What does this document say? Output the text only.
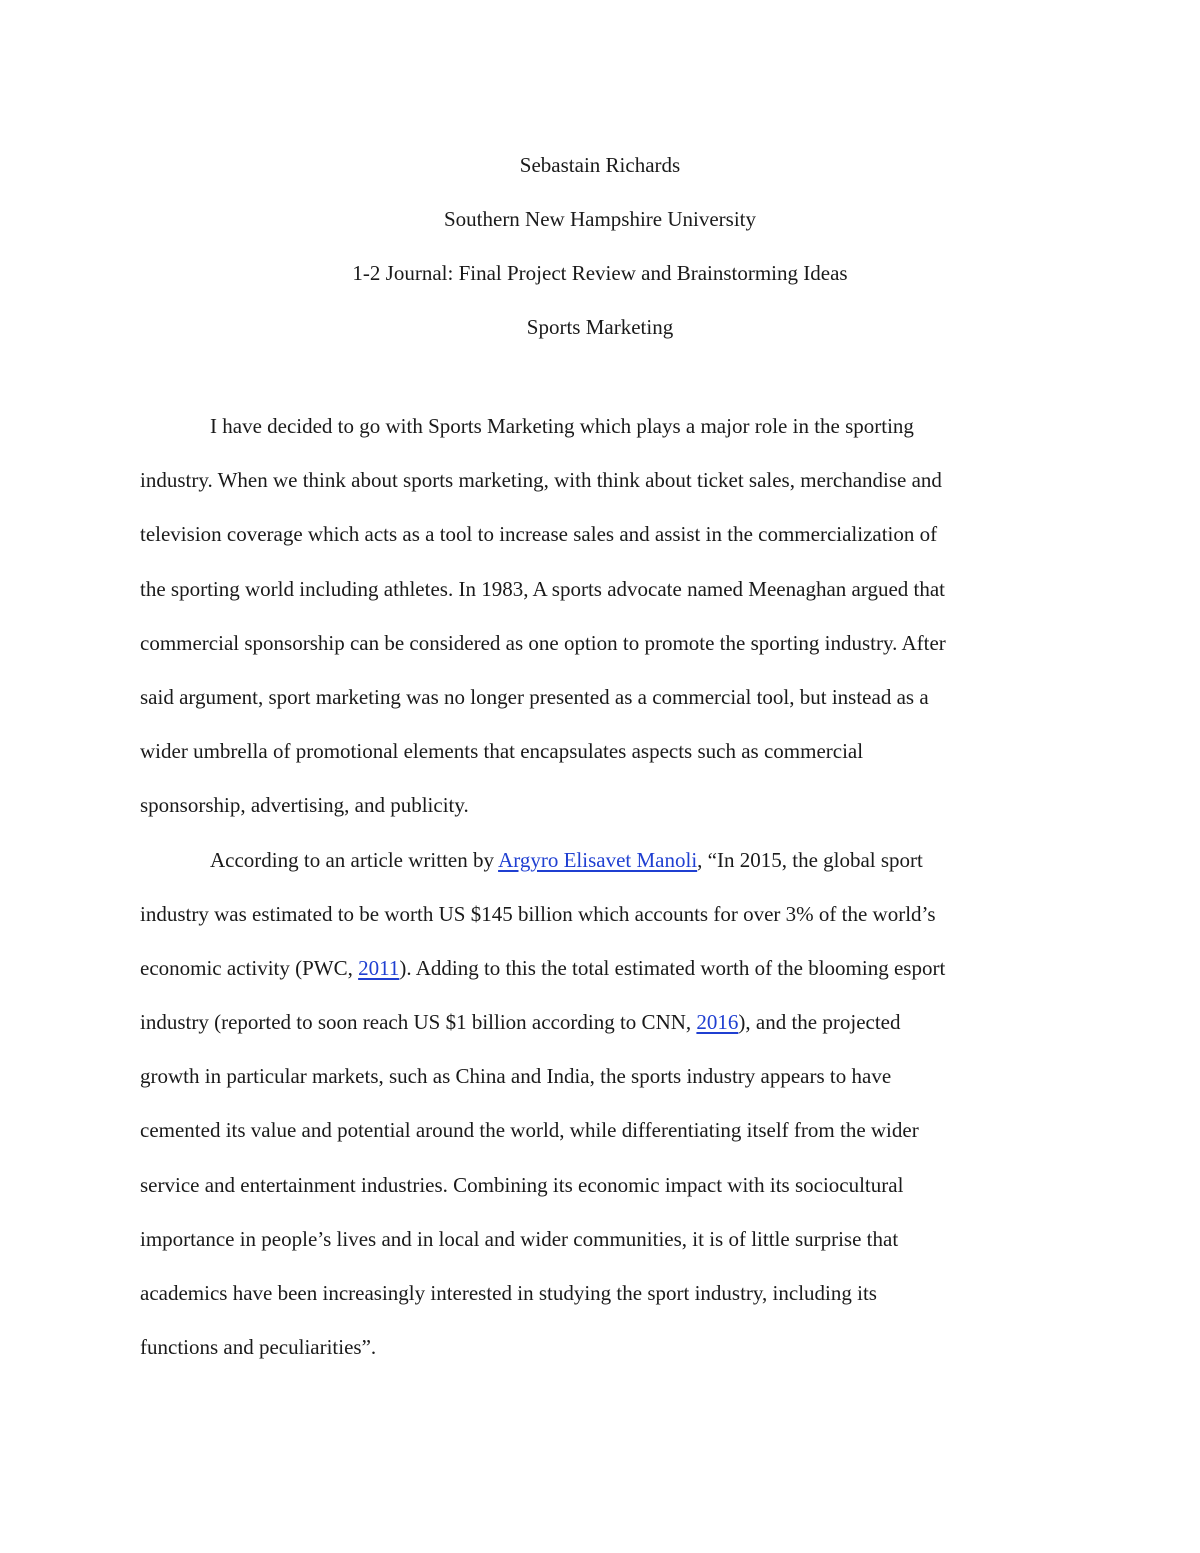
Sebastain Richards
Southern New Hampshire University
1-2 Journal: Final Project Review and Brainstorming Ideas
Sports Marketing
I have decided to go with Sports Marketing which plays a major role in the sporting
industry. When we think about sports marketing, with think about ticket sales, merchandise and
television coverage which acts as a tool to increase sales and assist in the commercialization of
the sporting world including athletes. In 1983, A sports advocate named Meenaghan argued that
commercial sponsorship can be considered as one option to promote the sporting industry. After
said argument, sport marketing was no longer presented as a commercial tool, but instead as a
wider umbrella of promotional elements that encapsulates aspects such as commercial
sponsorship, advertising, and publicity.
According to an article written by Argyro Elisavet Manoli, “In 2015, the global sport
industry was estimated to be worth US $145 billion which accounts for over 3% of the world’s
economic activity (PWC, 2011). Adding to this the total estimated worth of the blooming esport
industry (reported to soon reach US $1 billion according to CNN, 2016), and the projected
growth in particular markets, such as China and India, the sports industry appears to have
cemented its value and potential around the world, while differentiating itself from the wider
service and entertainment industries. Combining its economic impact with its sociocultural
importance in people’s lives and in local and wider communities, it is of little surprise that
academics have been increasingly interested in studying the sport industry, including its
functions and peculiarities”.
